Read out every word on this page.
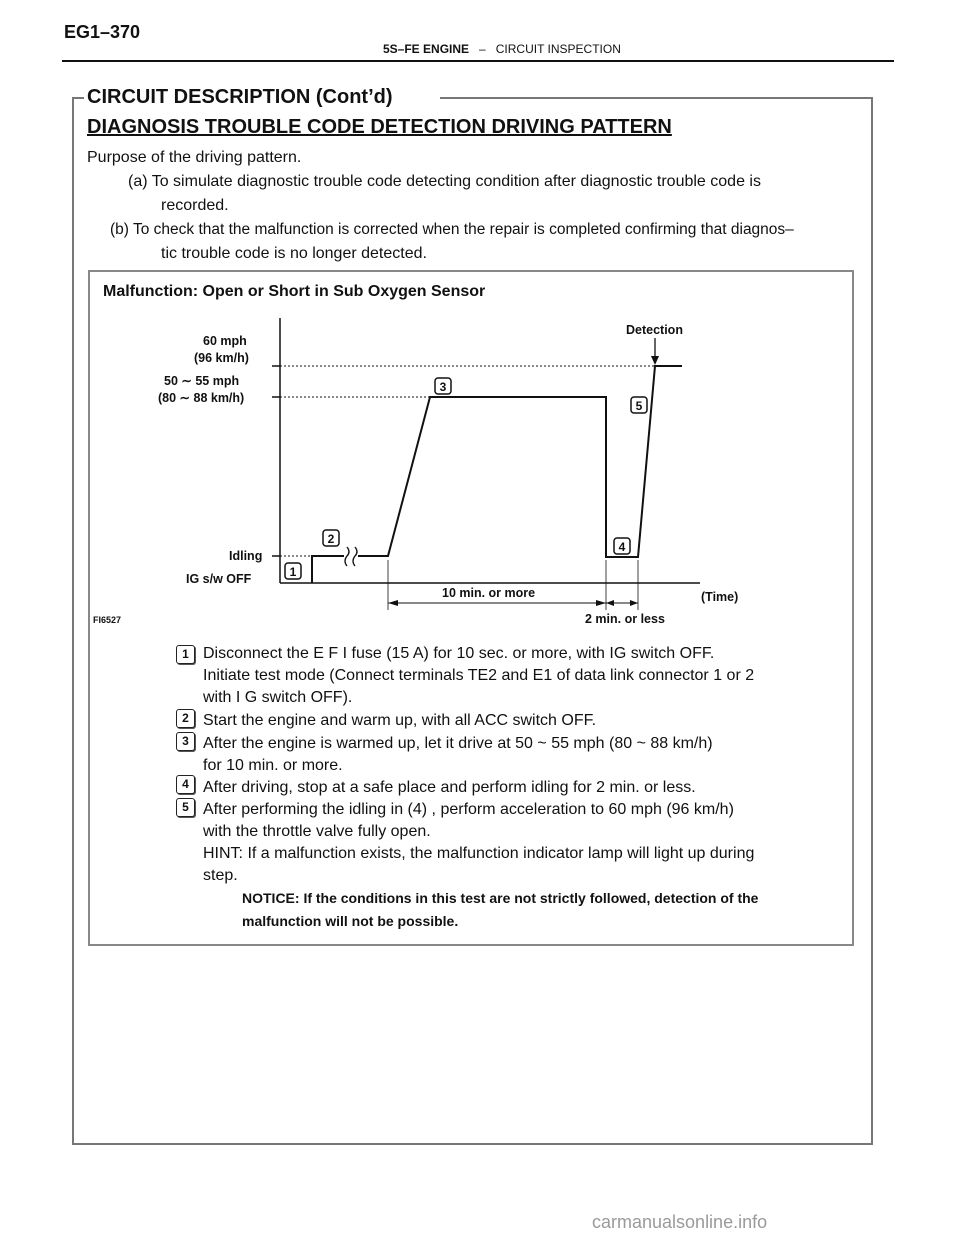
EG1–370
5S–FE ENGINE – CIRCUIT INSPECTION
CIRCUIT DESCRIPTION (Cont’d)
DIAGNOSIS TROUBLE CODE DETECTION DRIVING PATTERN
Purpose of the driving pattern.
(a) To simulate diagnostic trouble code detecting condition after diagnostic trouble code is
recorded.
(b) To check that the malfunction is corrected when the repair is completed confirming that diagnos–
tic trouble code is no longer detected.
Malfunction: Open or Short in Sub Oxygen Sensor
60 mph
(96 km/h)
50 ∼ 55 mph
(80 ∼ 88 km/h)
Idling
IG s/w OFF
Detection
10 min. or more
2 min. or less
(Time)
1
2
3
4
5
FI6527
1 Disconnect the E F I fuse (15 A) for 10 sec. or more, with IG switch OFF.
Initiate test mode (Connect terminals TE2 and E1 of data link connector 1 or 2
with I G switch OFF).
2 Start the engine and warm up, with all ACC switch OFF.
3 After the engine is warmed up, let it drive at 50 ~ 55 mph (80 ~ 88 km/h)
for 10 min. or more.
4 After driving, stop at a safe place and perform idling for 2 min. or less.
5 After performing the idling in (4) , perform acceleration to 60 mph (96 km/h)
with the throttle valve fully open.
HINT: If a malfunction exists, the malfunction indicator lamp will light up during
step.
NOTICE: If the conditions in this test are not strictly followed, detection of the
malfunction will not be possible.
carmanualsonline.info
